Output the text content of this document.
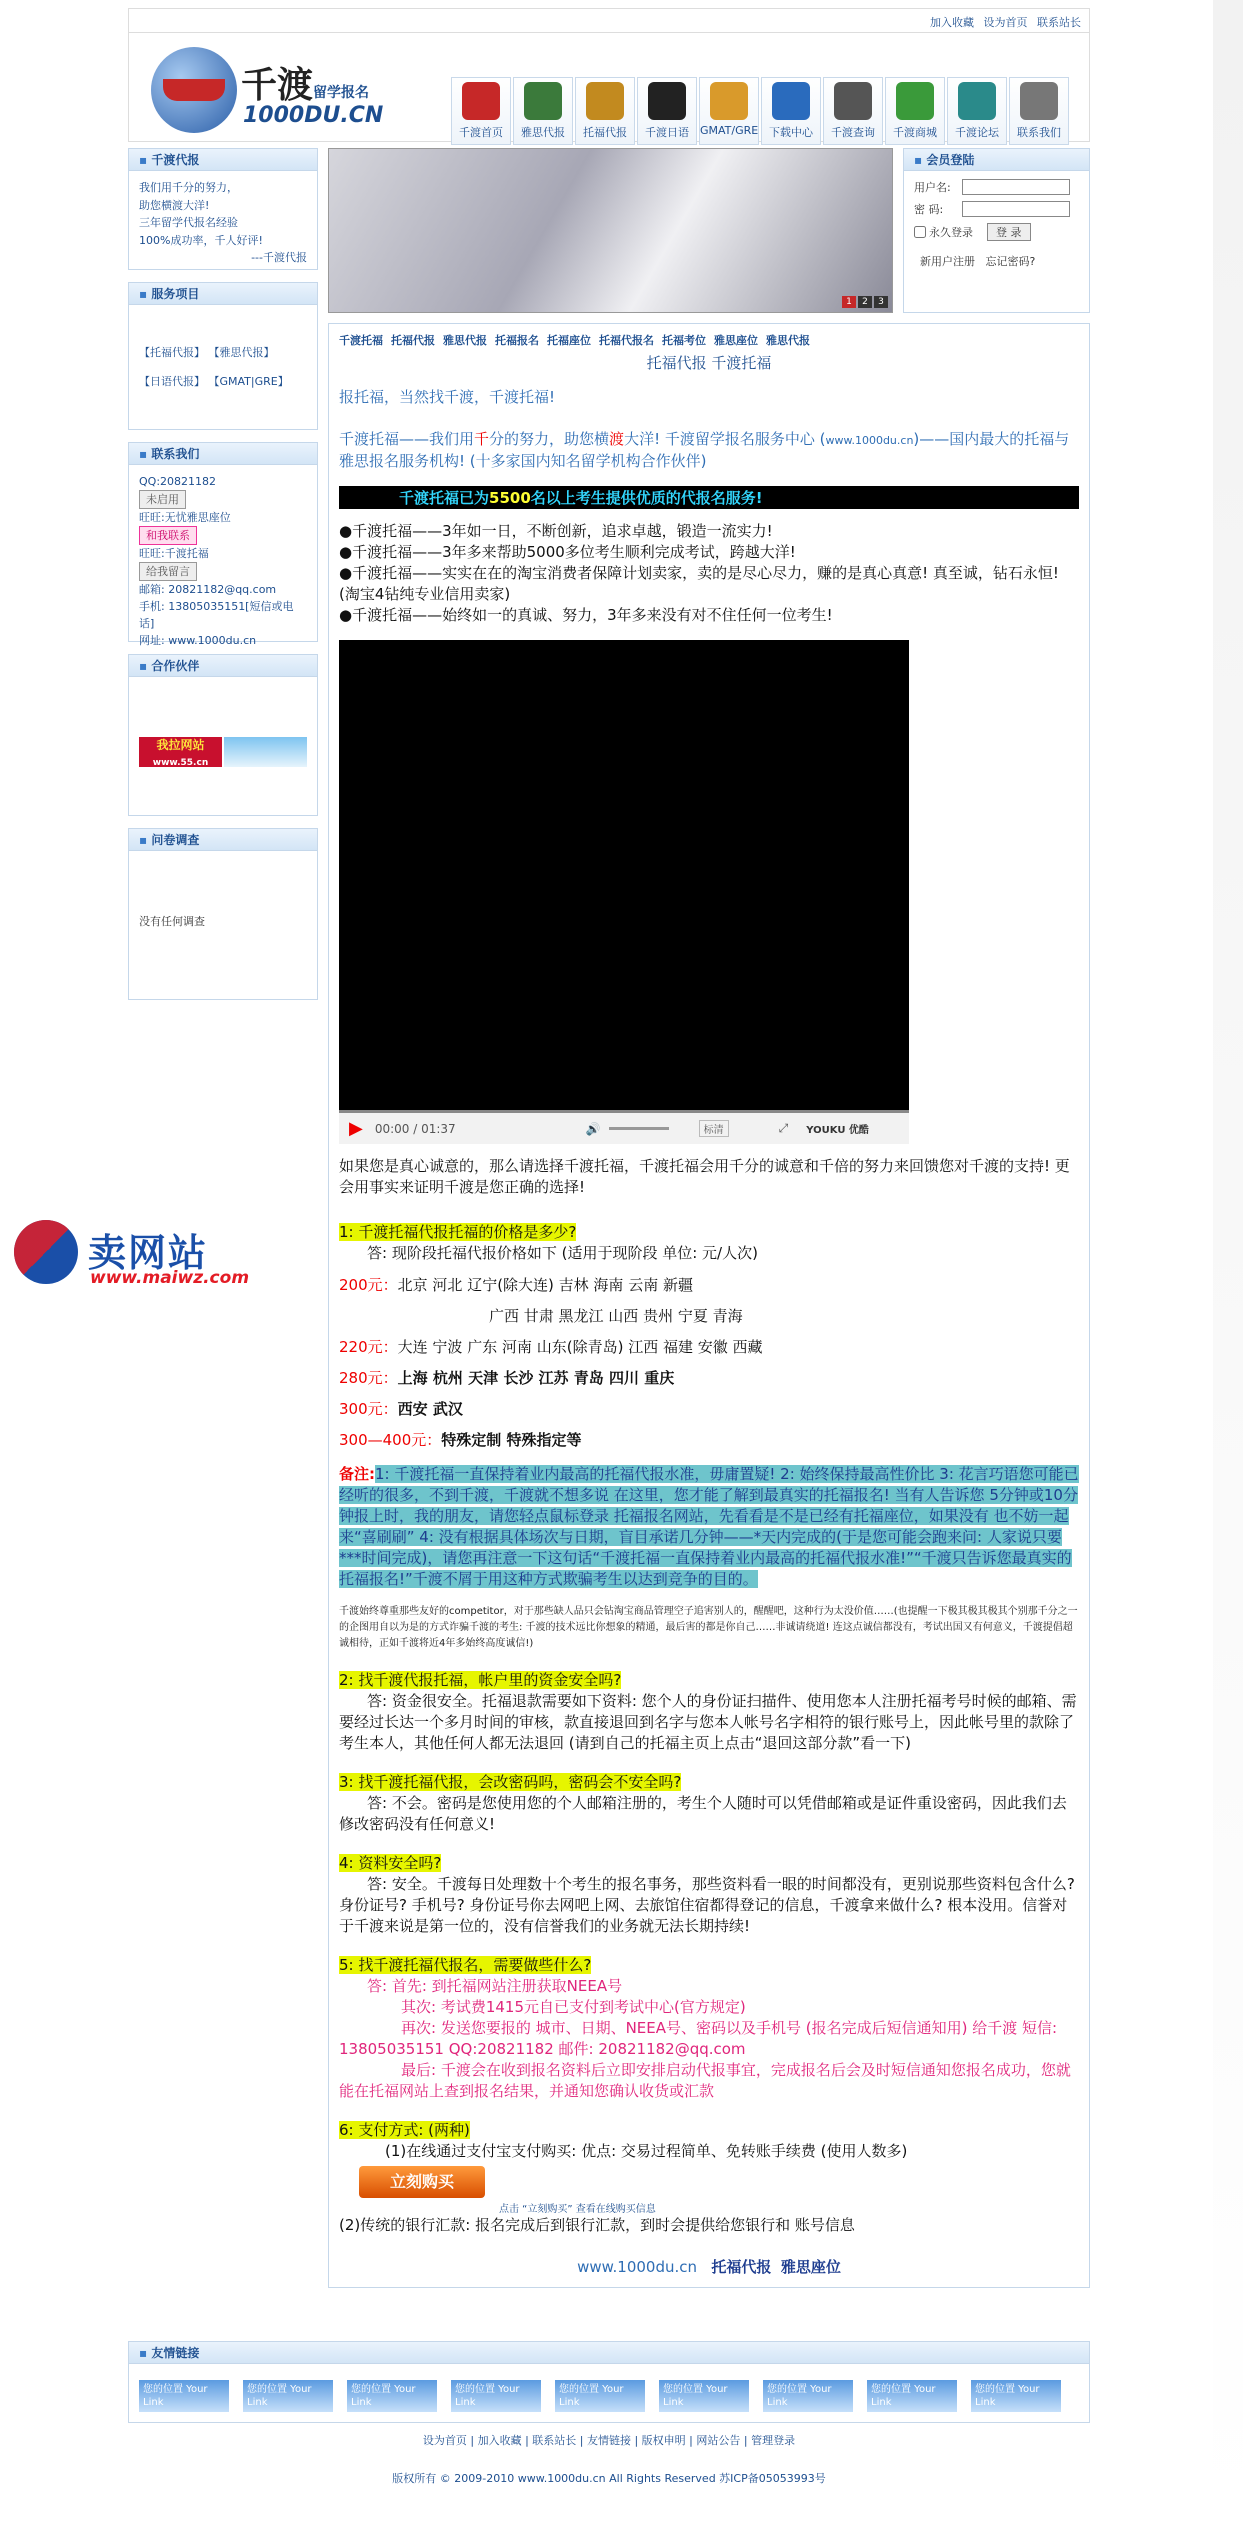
加入收藏 设为首页 联系站长
千渡留学报名
1000DU.CN
千渡首页	雅思代报	托福代报	千渡日语	GMAT/GRE 下载中心	千渡查询	千渡商城	千渡论坛	联系我们
▪ 千渡代报
我们用千分的努力，
助您横渡大洋!
三年留学代报名经验
100%成功率，千人好评!
---千渡代报
▪ 服务项目
【托福代报】 【雅思代报】
【日语代报】 【GMAT|GRE】
▪ 联系我们
QQ:20821182
未启用
旺旺:无忧雅思座位
和我联系
旺旺:千渡托福
给我留言
邮箱: 20821182@qq.com
手机: 13805035151[短信或电话]
网址: www.1000du.cn
▪ 合作伙伴
我拉网站
www.55.cn
▪ 问卷调查
没有任何调查
1	2	3
▪ 会员登陆
用户名:
密 码:
永久登录	登 录
新用户注册 忘记密码?
千渡托福 托福代报 雅思代报 托福报名 托福座位 托福代报名 托福考位 雅思座位 雅思代报
托福代报 千渡托福

报托福，当然找千渡，千渡托福!

千渡托福——我们用千分的努力，助您横渡大洋! 千渡留学报名服务中心 (www.1000du.cn)——国内最大的托福与雅思报名服务机构! (十多家国内知名留学机构合作伙伴)

千渡托福已为5500名以上考生提供优质的代报名服务!

●千渡托福——3年如一日，不断创新，追求卓越，锻造一流实力!

●千渡托福——3年多来帮助5000多位考生顺利完成考试，跨越大洋!

●千渡托福——实实在在的淘宝消费者保障计划卖家，卖的是尽心尽力，赚的是真心真意! 真至诚，钻石永恒! (淘宝4钻纯专业信用卖家)

●千渡托福——始终如一的真诚、努力，3年多来没有对不住任何一位考生!

▶ 00:00 / 01:37	🔊	标清	⤢ YOUKU 优酷

如果您是真心诚意的，那么请选择千渡托福，千渡托福会用千分的诚意和千倍的努力来回馈您对千渡的支持! 更会用事实来证明千渡是您正确的选择!

1: 千渡托福代报托福的价格是多少?

答: 现阶段托福代报价格如下 (适用于现阶段 单位: 元/人次)

200元：北京 河北 辽宁(除大连) 吉林 海南 云南 新疆

广西 甘肃 黑龙江 山西 贵州 宁夏 青海

220元：大连 宁波 广东 河南 山东(除青岛) 江西 福建 安徽 西藏

280元：上海 杭州 天津 长沙 江苏 青岛 四川 重庆

300元：西安 武汉

300—400元：特殊定制 特殊指定等

备注:1: 千渡托福一直保持着业内最高的托福代报水准，毋庸置疑! 2: 始终保持最高性价比 3: 花言巧语您可能已经听的很多，不到千渡，千渡就不想多说 在这里，您才能了解到最真实的托福报名! 当有人告诉您 5分钟或10分钟报上时，我的朋友，请您轻点鼠标登录 托福报名网站，先看看是不是已经有托福座位，如果没有 也不妨一起来“喜刷刷” 4: 没有根据具体场次与日期，盲目承诺几分钟——*天内完成的(于是您可能会跑来问: 人家说只要***时间完成)，请您再注意一下这句话“千渡托福一直保持着业内最高的托福代报水准!”“千渡只告诉您最真实的托福报名!”千渡不屑于用这种方式欺骗考生以达到竞争的目的。

千渡始终尊重那些友好的competitor，对于那些缺人品只会钻淘宝商品管理空子追害别人的，醒醒吧，这种行为太没价值……(也提醒一下极其极其极其个别那千分之一的企图用自以为是的方式诈骗千渡的考生: 千渡的技术远比你想象的精通，最后害的都是你自己……非诚请绕道! 连这点诚信都没有，考试出国又有何意义，千渡提倡超诚相待，正如千渡将近4年多始终高度诚信!)

2: 找千渡代报托福，帐户里的资金安全吗?

答: 资金很安全。托福退款需要如下资料: 您个人的身份证扫描件、使用您本人注册托福考号时候的邮箱、需要经过长达一个多月时间的审核，款直接退回到名字与您本人帐号名字相符的银行账号上，因此帐号里的款除了考生本人，其他任何人都无法退回 (请到自己的托福主页上点击“退回这部分款”看一下)

3: 找千渡托福代报，会改密码吗，密码会不安全吗?

答: 不会。密码是您使用您的个人邮箱注册的，考生个人随时可以凭借邮箱或是证件重设密码，因此我们去修改密码没有任何意义!

4: 资料安全吗?

答: 安全。千渡每日处理数十个考生的报名事务，那些资料看一眼的时间都没有，更别说那些资料包含什么? 身份证号? 手机号? 身份证号你去网吧上网、去旅馆住宿都得登记的信息，千渡拿来做什么? 根本没用。信誉对于千渡来说是第一位的，没有信誉我们的业务就无法长期持续!

5: 找千渡托福代报名，需要做些什么?

答: 首先: 到托福网站注册获取NEEA号

其次: 考试费1415元自已支付到考试中心(官方规定)

再次: 发送您要报的 城市、日期、NEEA号、密码以及手机号 (报名完成后短信通知用) 给千渡 短信: 13805035151 QQ:20821182 邮件: 20821182@qq.com

最后: 千渡会在收到报名资料后立即安排启动代报事宜，完成报名后会及时短信通知您报名成功，您就能在托福网站上查到报名结果，并通知您确认收货或汇款

6: 支付方式: (两种)

(1)在线通过支付宝支付购买: 优点: 交易过程简单、免转账手续费 (使用人数多)

立刻购买
点击 “立刻购买” 查看在线购买信息

(2)传统的银行汇款: 报名完成后到银行汇款，到时会提供给您银行和 账号信息

www.1000du.cn 托福代报 雅思座位
▪ 友情链接
您的位置 Your Link
您的位置 Your Link
您的位置 Your Link
您的位置 Your Link
您的位置 Your Link
您的位置 Your Link
您的位置 Your Link
您的位置 Your Link
您的位置 Your Link

设为首页 | 加入收藏 | 联系站长 | 友情链接 | 版权申明 | 网站公告 | 管理登录

版权所有 © 2009-2010 www.1000du.cn All Rights Reserved 苏ICP备05053993号

卖网站
www.maiwz.com
